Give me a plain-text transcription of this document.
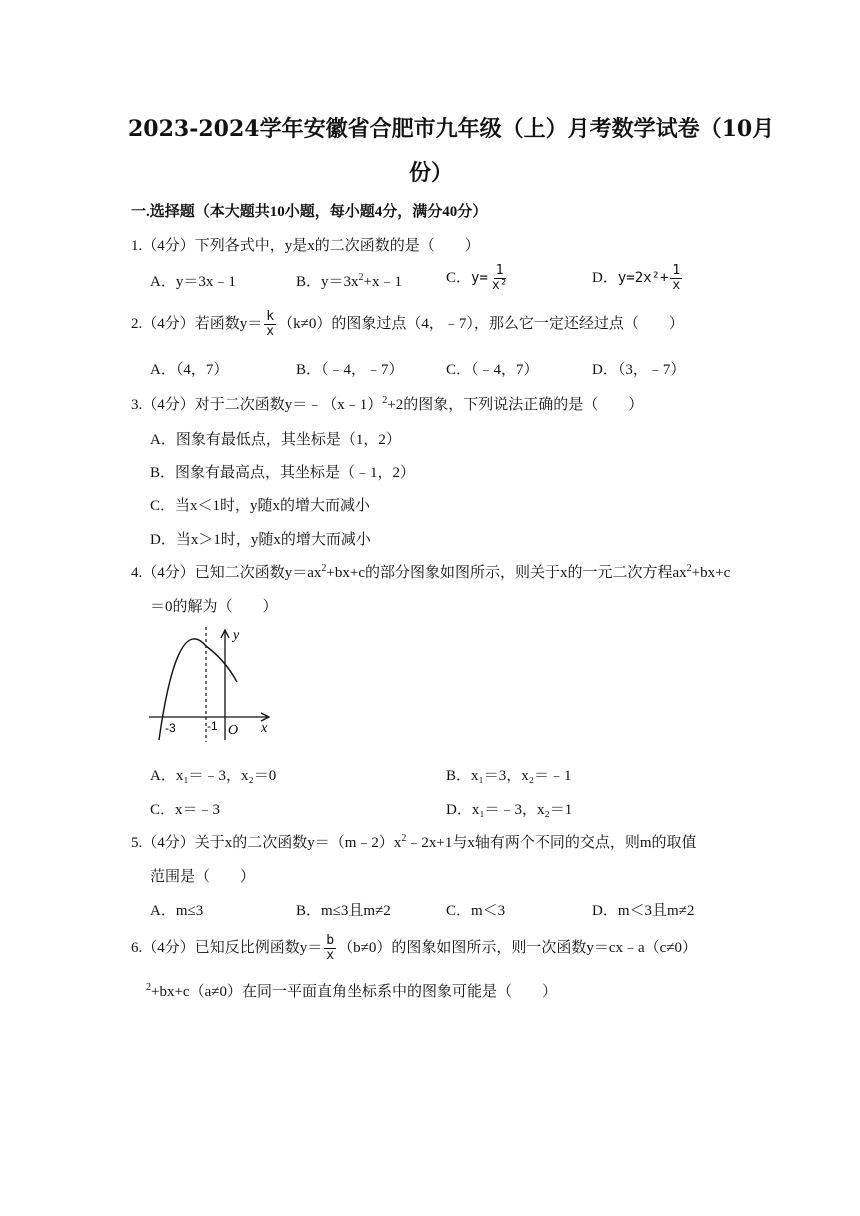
2023-2024学年安徽省合肥市九年级（上）月考数学试卷（10月
份）
一.选择题（本大题共10小题，每小题4分，满分40分）
1.（4分）下列各式中，y是x的二次函数的是（　　）
A．y＝3x﹣1	B．$y=3x^2+x﹣1$	C．$y= \frac{1}{\text{x²}}$	D．$y=2x^2+ \frac{1}{x}$
2.（4分）若函数$y= \frac{k}{x} (k\ne 0)$的图象过点（4，﹣7），那么它一定还经过点（　　）
A．（4，7）	B．（﹣4，﹣7）	C．（﹣4，7）	D．（3，﹣7）
3.（4分）对于二次函数y＝﹣（x﹣1）$^2$+2的图象，下列说法正确的是（　　）
A．图象有最低点，其坐标是（1，2）
B．图象有最高点，其坐标是（﹣1，2）
C．当x＜1时，y随x的增大而减小
D．当x＞1时，y随x的增大而减小
4.（4分）已知二次函数$y=ax^2+bx+c$的部分图象如图所示，则关于x的一元二次方程$ax^2+bx+c$
＝0的解为（　　）
y
x
O
-3	-1
A．x₁＝﹣3，x₂＝0	B．x₁＝3，x₂＝﹣1
C．x＝﹣3	D．x₁＝﹣3，x₂＝1
5.（4分）关于x的二次函数$y=(m﹣2)x^2﹣2x+1$与x轴有两个不同的交点，则m的取值
范围是（　　）
A．m≤3	B．m≤3且m≠2	C．m＜3	D．m＜3且m≠2
6.（4分）已知反比例函数$y= \frac{b}{x} (b\ne 0)$的图象如图所示，则一次函数y＝cx﹣a（c≠0）
$^2$+bx+c（a≠0）在同一平面直角坐标系中的图象可能是（　　）
